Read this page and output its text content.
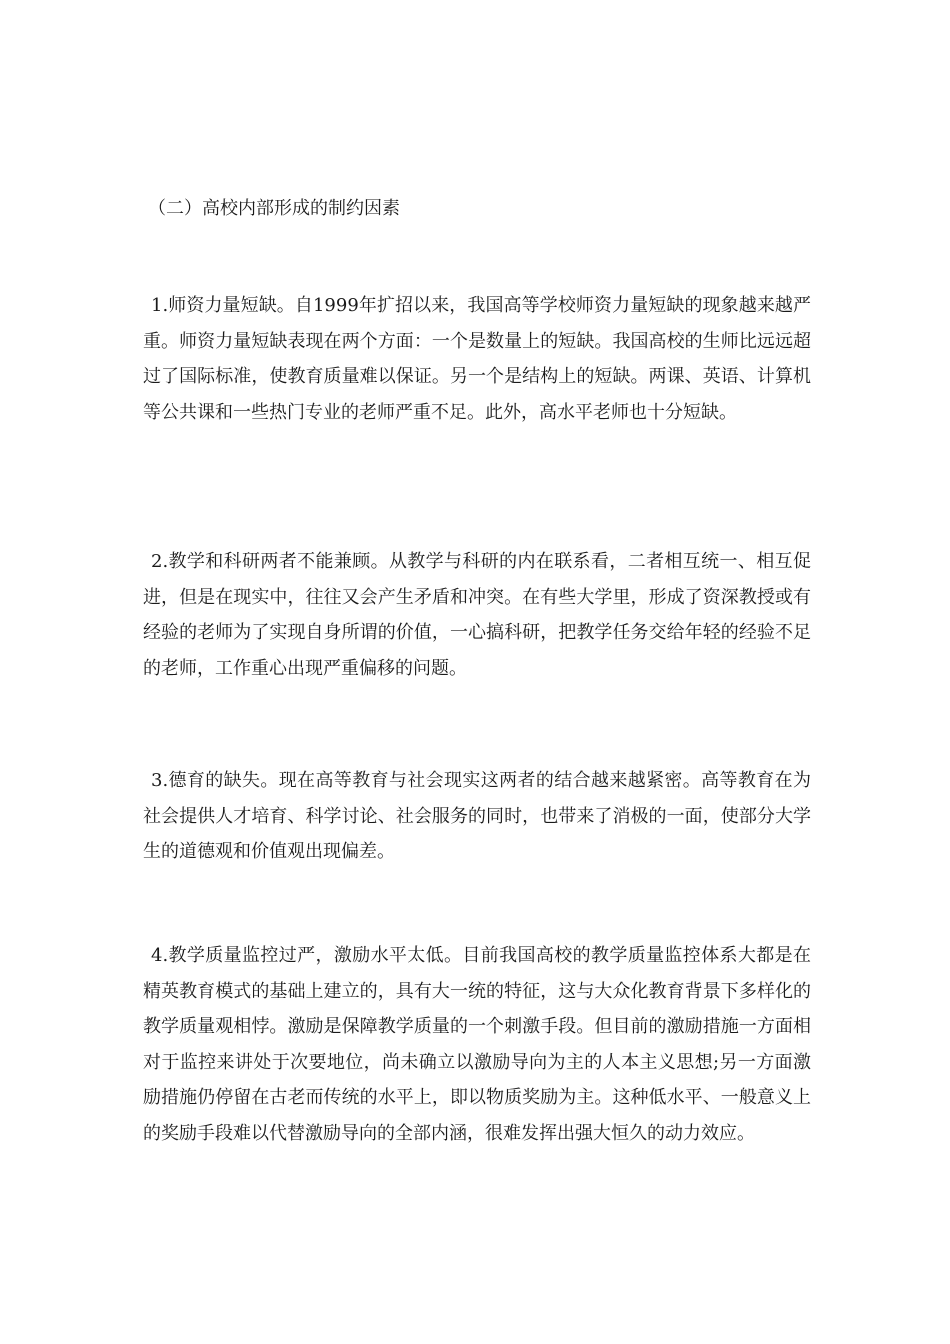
（二）高校内部形成的制约因素

1.师资力量短缺。自1999年扩招以来，我国高等学校师资力量短缺的现象越来越严重。师资力量短缺表现在两个方面：一个是数量上的短缺。我国高校的生师比远远超过了国际标准，使教育质量难以保证。另一个是结构上的短缺。两课、英语、计算机等公共课和一些热门专业的老师严重不足。此外，高水平老师也十分短缺。

2.教学和科研两者不能兼顾。从教学与科研的内在联系看，二者相互统一、相互促进，但是在现实中，往往又会产生矛盾和冲突。在有些大学里，形成了资深教授或有经验的老师为了实现自身所谓的价值，一心搞科研，把教学任务交给年轻的经验不足的老师，工作重心出现严重偏移的问题。

3.德育的缺失。现在高等教育与社会现实这两者的结合越来越紧密。高等教育在为社会提供人才培育、科学讨论、社会服务的同时，也带来了消极的一面，使部分大学生的道德观和价值观出现偏差。

4.教学质量监控过严，激励水平太低。目前我国高校的教学质量监控体系大都是在精英教育模式的基础上建立的，具有大一统的特征，这与大众化教育背景下多样化的教学质量观相悖。激励是保障教学质量的一个刺激手段。但目前的激励措施一方面相对于监控来讲处于次要地位，尚未确立以激励导向为主的人本主义思想;另一方面激励措施仍停留在古老而传统的水平上，即以物质奖励为主。这种低水平、一般意义上的奖励手段难以代替激励导向的全部内涵，很难发挥出强大恒久的动力效应。
